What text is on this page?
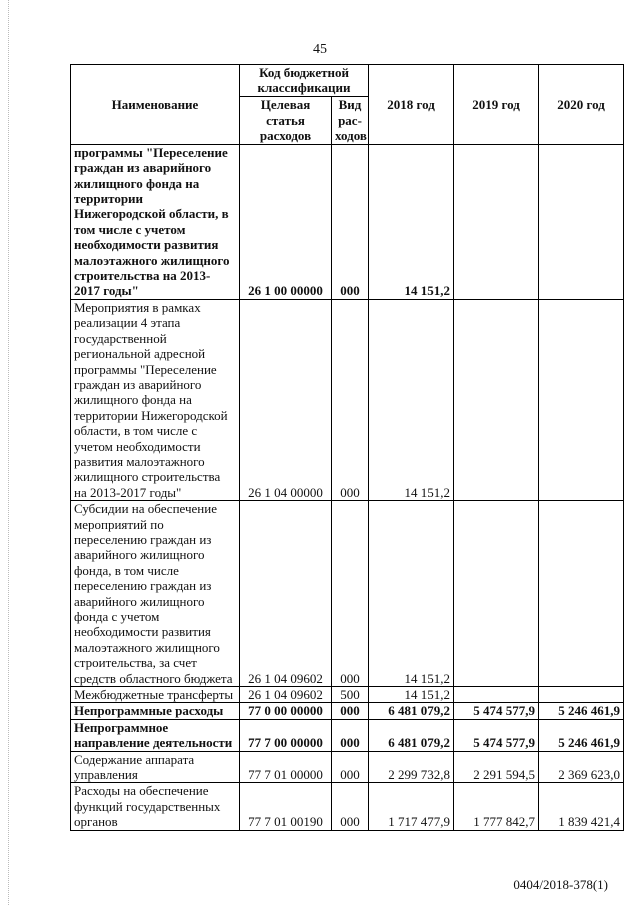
45
Наименование	Код бюджетной классификации		2018 год	2019 год	2020 год
	Целевая статья расходов	Вид рас-ходов			
программы "Переселение граждан из аварийного жилищного фонда на территории Нижегородской области, в том числе с учетом необходимости развития малоэтажного жилищного строительства на 2013-2017 годы"	26 1 00 00000	000	14 151,2		
Мероприятия в рамках реализации 4 этапа государственной региональной адресной программы "Переселение граждан из аварийного жилищного фонда на территории Нижегородской области, в том числе с учетом необходимости развития малоэтажного жилищного строительства на 2013-2017 годы"	26 1 04 00000	000	14 151,2		
Субсидии на обеспечение мероприятий по переселению граждан из аварийного жилищного фонда, в том числе переселению граждан из аварийного жилищного фонда с учетом необходимости развития малоэтажного жилищного строительства, за счет средств областного бюджета	26 1 04 09602	000	14 151,2		
Межбюджетные трансферты	26 1 04 09602	500	14 151,2		
Непрограммные расходы	77 0 00 00000	000	6 481 079,2	5 474 577,9	5 246 461,9
Непрограммное направление деятельности	77 7 00 00000	000	6 481 079,2	5 474 577,9	5 246 461,9
Содержание аппарата управления	77 7 01 00000	000	2 299 732,8	2 291 594,5	2 369 623,0
Расходы на обеспечение функций государственных органов	77 7 01 00190	000	1 717 477,9	1 777 842,7	1 839 421,4
0404/2018-378(1)
